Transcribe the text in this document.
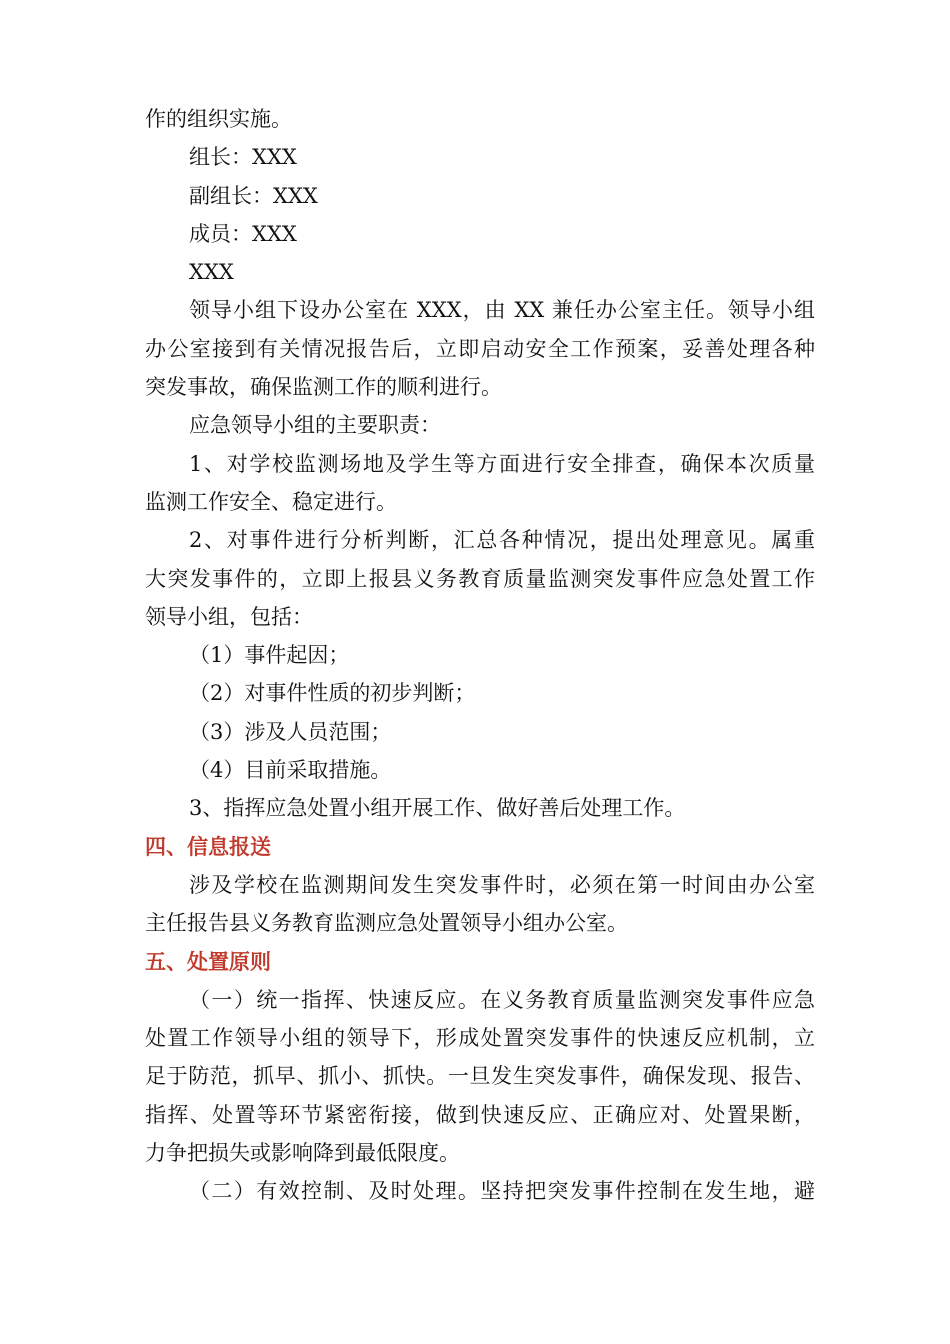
作的组织实施。
组长：XXX
副组长：XXX
成员：XXX
XXX
领导小组下设办公室在 XXX，由 XX 兼任办公室主任。领导小组
办公室接到有关情况报告后，立即启动安全工作预案，妥善处理各种
突发事故，确保监测工作的顺利进行。
应急领导小组的主要职责：
1、对学校监测场地及学生等方面进行安全排查，确保本次质量
监测工作安全、稳定进行。
2、对事件进行分析判断，汇总各种情况，提出处理意见。属重
大突发事件的，立即上报县义务教育质量监测突发事件应急处置工作
领导小组，包括：
（1）事件起因；
（2）对事件性质的初步判断；
（3）涉及人员范围；
（4）目前采取措施。
3、指挥应急处置小组开展工作、做好善后处理工作。
四、信息报送
涉及学校在监测期间发生突发事件时，必须在第一时间由办公室
主任报告县义务教育监测应急处置领导小组办公室。
五、处置原则
（一）统一指挥、快速反应。在义务教育质量监测突发事件应急
处置工作领导小组的领导下，形成处置突发事件的快速反应机制，立
足于防范，抓早、抓小、抓快。一旦发生突发事件，确保发现、报告、
指挥、处置等环节紧密衔接，做到快速反应、正确应对、处置果断，
力争把损失或影响降到最低限度。
（二）有效控制、及时处理。坚持把突发事件控制在发生地，避
